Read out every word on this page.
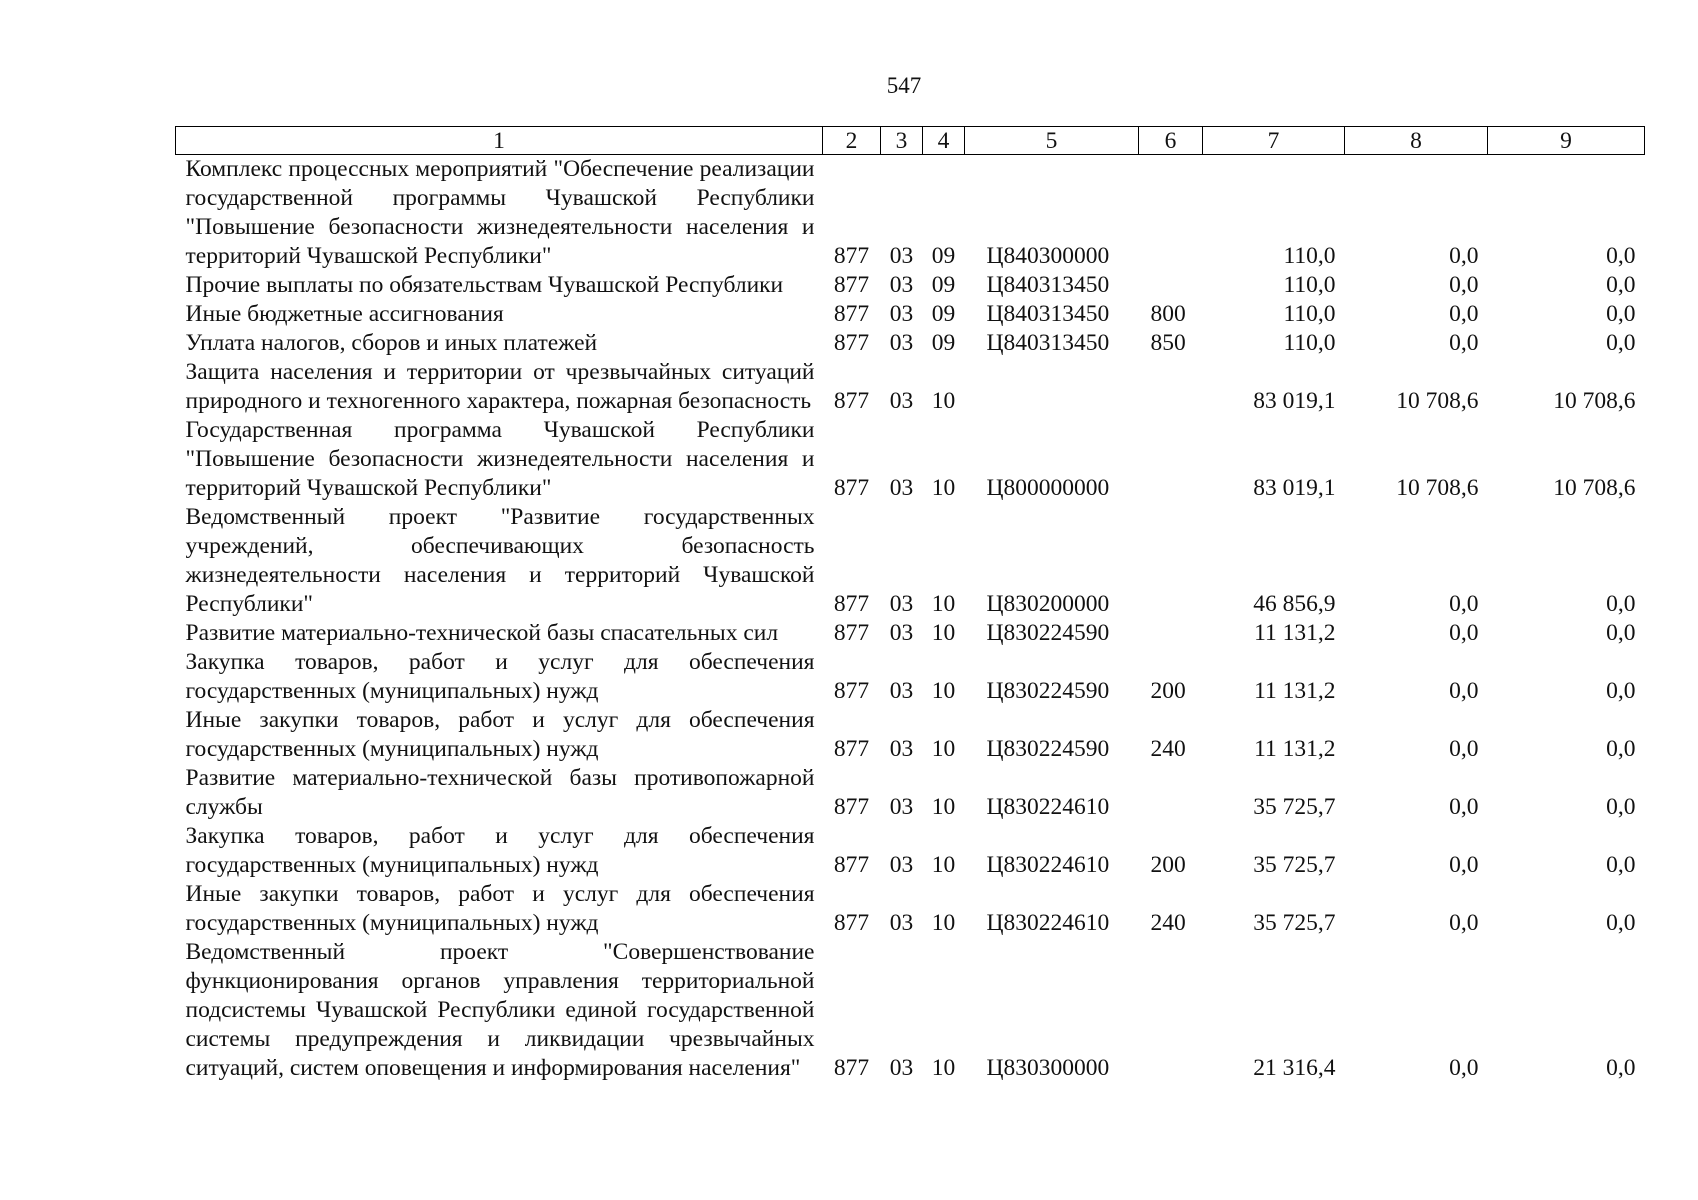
547
1	2	3	4	5	6	7	8	9
Комплекс процессных мероприятий "Обеспечение реализации государственной программы Чувашской Республики "Повышение безопасности жизнедеятельности населения и территорий Чувашской Республики"	877	03	09	Ц840300000		110,0	0,0	0,0
Прочие выплаты по обязательствам Чувашской Республики	877	03	09	Ц840313450		110,0	0,0	0,0
Иные бюджетные ассигнования	877	03	09	Ц840313450	800	110,0	0,0	0,0
Уплата налогов, сборов и иных платежей	877	03	09	Ц840313450	850	110,0	0,0	0,0
Защита населения и территории от чрезвычайных ситуаций природного и техногенного характера, пожарная безопасность	877	03	10			83 019,1	10 708,6	10 708,6
Государственная программа Чувашской Республики "Повышение безопасности жизнедеятельности населения и территорий Чувашской Республики"	877	03	10	Ц800000000		83 019,1	10 708,6	10 708,6
Ведомственный проект "Развитие государственных учреждений, обеспечивающих безопасность жизнедеятельности населения и территорий Чувашской Республики"	877	03	10	Ц830200000		46 856,9	0,0	0,0
Развитие материально-технической базы спасательных сил	877	03	10	Ц830224590		11 131,2	0,0	0,0
Закупка товаров, работ и услуг для обеспечения государственных (муниципальных) нужд	877	03	10	Ц830224590	200	11 131,2	0,0	0,0
Иные закупки товаров, работ и услуг для обеспечения государственных (муниципальных) нужд	877	03	10	Ц830224590	240	11 131,2	0,0	0,0
Развитие материально-технической базы противопожарной службы	877	03	10	Ц830224610		35 725,7	0,0	0,0
Закупка товаров, работ и услуг для обеспечения государственных (муниципальных) нужд	877	03	10	Ц830224610	200	35 725,7	0,0	0,0
Иные закупки товаров, работ и услуг для обеспечения государственных (муниципальных) нужд	877	03	10	Ц830224610	240	35 725,7	0,0	0,0
Ведомственный проект "Совершенствование функционирования органов управления территориальной подсистемы Чувашской Республики единой государственной системы предупреждения и ликвидации чрезвычайных ситуаций, систем оповещения и информирования населения"	877	03	10	Ц830300000		21 316,4	0,0	0,0
